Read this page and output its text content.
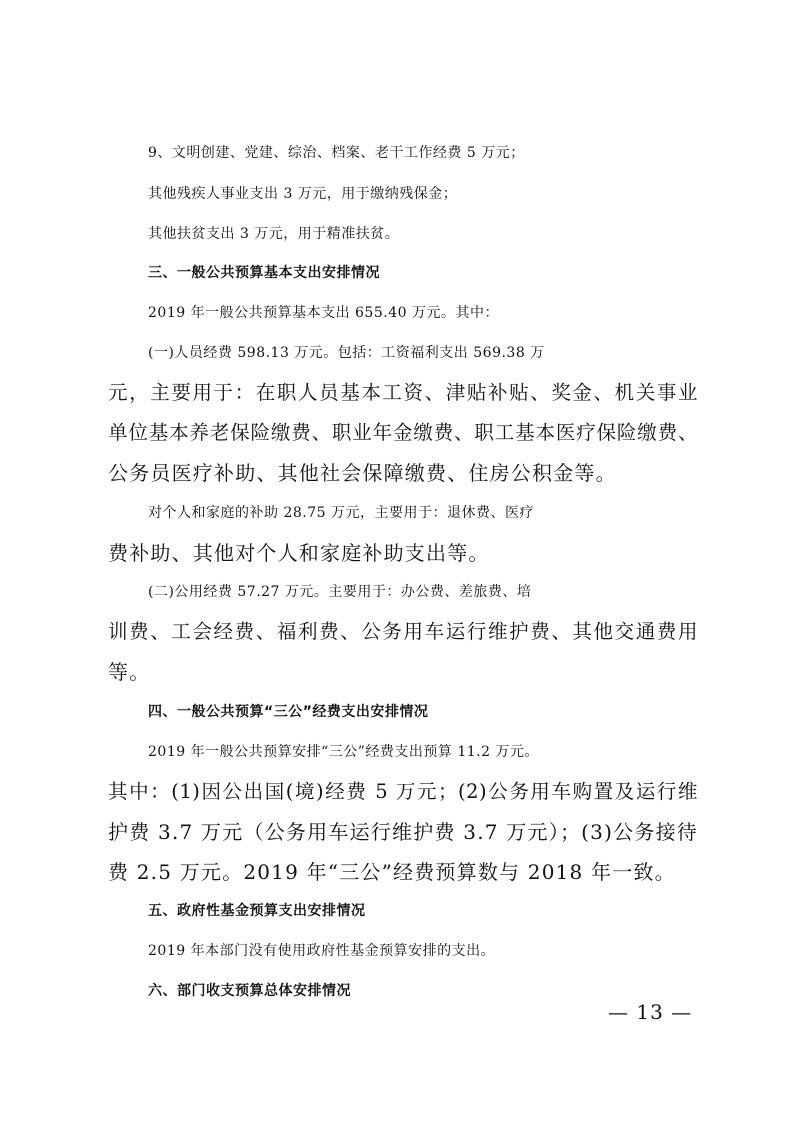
9、文明创建、党建、综治、档案、老干工作经费 5 万元；
其他残疾人事业支出 3 万元，用于缴纳残保金；
其他扶贫支出 3 万元，用于精准扶贫。
三、一般公共预算基本支出安排情况
2019 年一般公共预算基本支出 655.40 万元。其中：
(一)人员经费 598.13 万元。包括：工资福利支出 569.38 万
元，主要用于：在职人员基本工资、津贴补贴、奖金、机关事业
单位基本养老保险缴费、职业年金缴费、职工基本医疗保险缴费、
公务员医疗补助、其他社会保障缴费、住房公积金等。
对个人和家庭的补助 28.75 万元，主要用于：退休费、医疗
费补助、其他对个人和家庭补助支出等。
(二)公用经费 57.27 万元。主要用于：办公费、差旅费、培
训费、工会经费、福利费、公务用车运行维护费、其他交通费用
等。
四、一般公共预算“三公”经费支出安排情况
2019 年一般公共预算安排“三公”经费支出预算 11.2 万元。
其中：(1)因公出国(境)经费 5 万元；(2)公务用车购置及运行维
护费 3.7 万元（公务用车运行维护费 3.7 万元）；(3)公务接待
费 2.5 万元。2019 年“三公”经费预算数与 2018 年一致。
五、政府性基金预算支出安排情况
2019 年本部门没有使用政府性基金预算安排的支出。
六、部门收支预算总体安排情况
— 13 —
